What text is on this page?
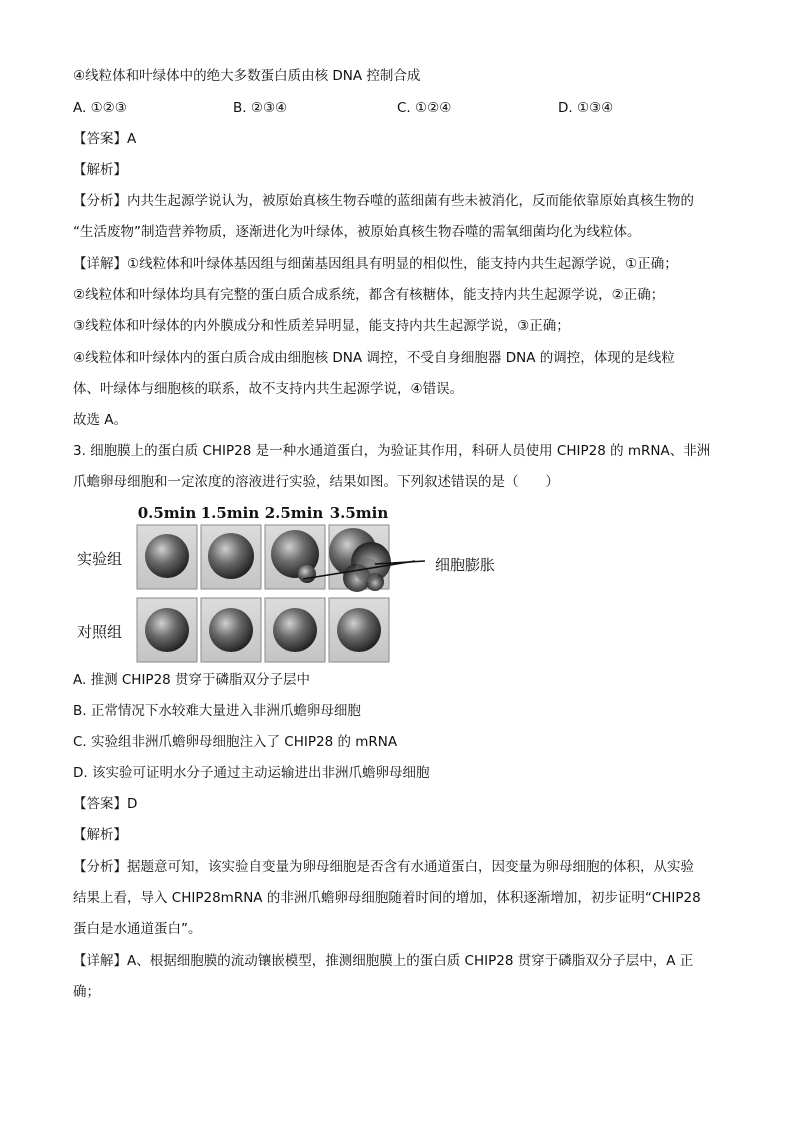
④线粒体和叶绿体中的绝大多数蛋白质由核 DNA 控制合成
A. ①②③	B. ②③④	C. ①②④	D. ①③④
【答案】A
【解析】
【分析】内共生起源学说认为，被原始真核生物吞噬的蓝细菌有些未被消化，反而能依靠原始真核生物的
“生活废物”制造营养物质，逐渐进化为叶绿体，被原始真核生物吞噬的需氧细菌均化为线粒体。
【详解】①线粒体和叶绿体基因组与细菌基因组具有明显的相似性，能支持内共生起源学说，①正确；
②线粒体和叶绿体均具有完整的蛋白质合成系统，都含有核糖体，能支持内共生起源学说，②正确；
③线粒体和叶绿体的内外膜成分和性质差异明显，能支持内共生起源学说，③正确；
④线粒体和叶绿体内的蛋白质合成由细胞核 DNA 调控，不受自身细胞器 DNA 的调控，体现的是线粒
体、叶绿体与细胞核的联系，故不支持内共生起源学说，④错误。
故选 A。
3. 细胞膜上的蛋白质 CHIP28 是一种水通道蛋白，为验证其作用，科研人员使用 CHIP28 的 mRNA、非洲
爪蟾卵母细胞和一定浓度的溶液进行实验，结果如图。下列叙述错误的是（　　）
0.5min 1.5min 2.5min 3.5min
实验组
对照组
细胞膨胀
A. 推测 CHIP28 贯穿于磷脂双分子层中
B. 正常情况下水较难大量进入非洲爪蟾卵母细胞
C. 实验组非洲爪蟾卵母细胞注入了 CHIP28 的 mRNA
D. 该实验可证明水分子通过主动运输进出非洲爪蟾卵母细胞
【答案】D
【解析】
【分析】据题意可知，该实验自变量为卵母细胞是否含有水通道蛋白，因变量为卵母细胞的体积，从实验
结果上看，导入 CHIP28mRNA 的非洲爪蟾卵母细胞随着时间的增加，体积逐渐增加，初步证明“CHIP28
蛋白是水通道蛋白”。
【详解】A、根据细胞膜的流动镶嵌模型，推测细胞膜上的蛋白质 CHIP28 贯穿于磷脂双分子层中，A 正
确；
